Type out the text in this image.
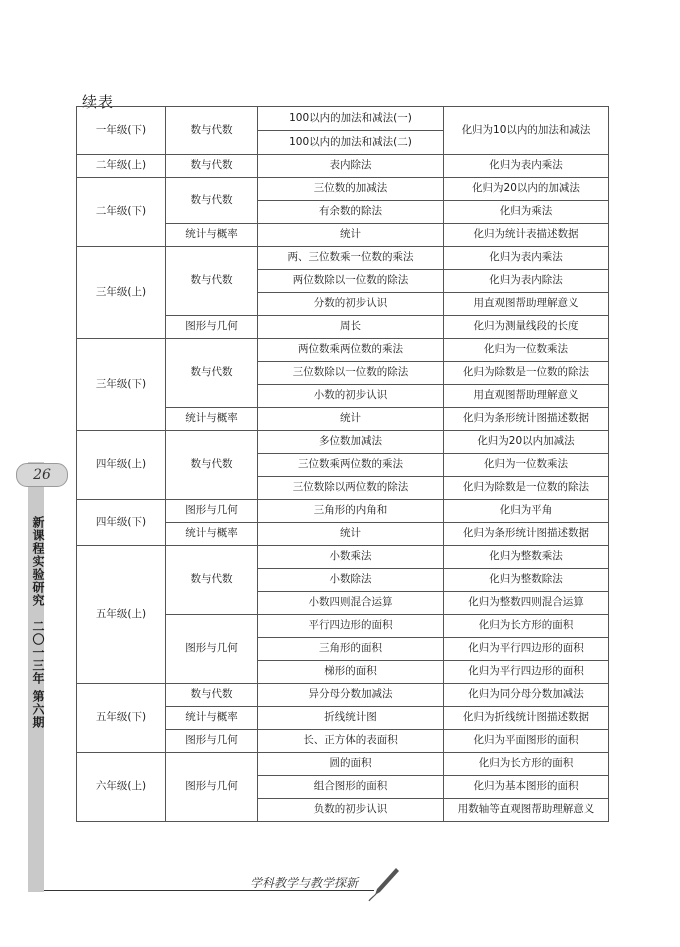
续表
一年级(下)	数与代数	100以内的加法和减法(一)	化归为10以内的加法和减法
		100以内的加法和减法(二)	
二年级(上)	数与代数	表内除法	化归为表内乘法
二年级(下)	数与代数	三位数的加减法	化归为20以内的加减法
		有余数的除法	化归为乘法
	统计与概率	统计	化归为统计表描述数据
三年级(上)	数与代数	两、三位数乘一位数的乘法	化归为表内乘法
		两位数除以一位数的除法	化归为表内除法
		分数的初步认识	用直观图帮助理解意义
	图形与几何	周长	化归为测量线段的长度
三年级(下)	数与代数	两位数乘两位数的乘法	化归为一位数乘法
		三位数除以一位数的除法	化归为除数是一位数的除法
		小数的初步认识	用直观图帮助理解意义
	统计与概率	统计	化归为条形统计图描述数据
四年级(上)	数与代数	多位数加减法	化归为20以内加减法
		三位数乘两位数的乘法	化归为一位数乘法
		三位数除以两位数的除法	化归为除数是一位数的除法
四年级(下)	图形与几何	三角形的内角和	化归为平角
	统计与概率	统计	化归为条形统计图描述数据
五年级(上)	数与代数	小数乘法	化归为整数乘法
		小数除法	化归为整数除法
		小数四则混合运算	化归为整数四则混合运算
	图形与几何	平行四边形的面积	化归为长方形的面积
		三角形的面积	化归为平行四边形的面积
		梯形的面积	化归为平行四边形的面积
五年级(下)	数与代数	异分母分数加减法	化归为同分母分数加减法
	统计与概率	折线统计图	化归为折线统计图描述数据
	图形与几何	长、正方体的表面积	化归为平面图形的面积
六年级(上)	图形与几何	圆的面积	化归为长方形的面积
		组合图形的面积	化归为基本图形的面积
		负数的初步认识	用数轴等直观图帮助理解意义
26
新课程实验研究　二〇一三年 第六期
学科教学与教学探新
